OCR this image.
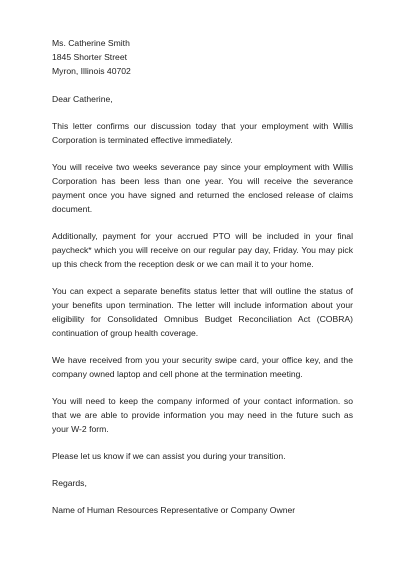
Ms. Catherine Smith
1845 Shorter Street
Myron, Illinois 40702

Dear Catherine,

This letter confirms our discussion today that your employment with Willis Corporation is terminated effective immediately.

You will receive two weeks severance pay since your employment with Willis Corporation has been less than one year. You will receive the severance payment once you have signed and returned the enclosed release of claims document.

Additionally, payment for your accrued PTO will be included in your final paycheck* which you will receive on our regular pay day, Friday. You may pick up this check from the reception desk or we can mail it to your home.

You can expect a separate benefits status letter that will outline the status of your benefits upon termination. The letter will include information about your eligibility for Consolidated Omnibus Budget Reconciliation Act (COBRA) continuation of group health coverage.

We have received from you your security swipe card, your office key, and the company owned laptop and cell phone at the termination meeting.

You will need to keep the company informed of your contact information. so that we are able to provide information you may need in the future such as your W-2 form.

Please let us know if we can assist you during your transition.

Regards,

Name of Human Resources Representative or Company Owner
